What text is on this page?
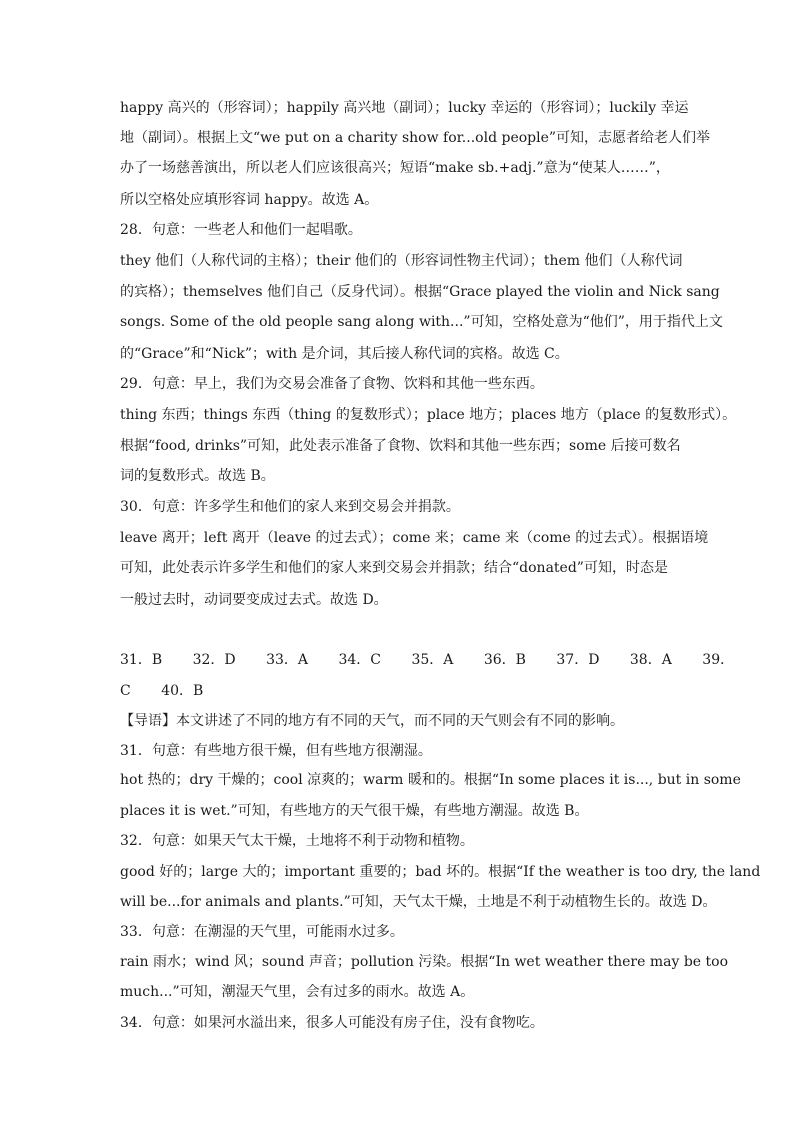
happy 高兴的（形容词）；happily 高兴地（副词）；lucky 幸运的（形容词）；luckily 幸运
地（副词）。根据上文“we put on a charity show for...old people”可知，志愿者给老人们举
办了一场慈善演出，所以老人们应该很高兴；短语“make sb.+adj.”意为“使某人……”，
所以空格处应填形容词 happy。故选 A。
28．句意：一些老人和他们一起唱歌。
they 他们（人称代词的主格）；their 他们的（形容词性物主代词）；them 他们（人称代词
的宾格）；themselves 他们自己（反身代词）。根据“Grace played the violin and Nick sang
songs. Some of the old people sang along with...”可知，空格处意为“他们”，用于指代上文
的“Grace”和“Nick”；with 是介词，其后接人称代词的宾格。故选 C。
29．句意：早上，我们为交易会准备了食物、饮料和其他一些东西。
thing 东西；things 东西（thing 的复数形式）；place 地方；places 地方（place 的复数形式）。
根据“food, drinks”可知，此处表示准备了食物、饮料和其他一些东西；some 后接可数名
词的复数形式。故选 B。
30．句意：许多学生和他们的家人来到交易会并捐款。
leave 离开；left 离开（leave 的过去式）；come 来；came 来（come 的过去式）。根据语境
可知，此处表示许多学生和他们的家人来到交易会并捐款；结合“donated”可知，时态是
一般过去时，动词要变成过去式。故选 D。
31．B 32．D 33．A 34．C 35．A 36．B 37．D 38．A 39．
C 40．B
【导语】本文讲述了不同的地方有不同的天气，而不同的天气则会有不同的影响。
31．句意：有些地方很干燥，但有些地方很潮湿。
hot 热的；dry 干燥的；cool 凉爽的；warm 暖和的。根据“In some places it is..., but in some
places it is wet.”可知，有些地方的天气很干燥，有些地方潮湿。故选 B。
32．句意：如果天气太干燥，土地将不利于动物和植物。
good 好的；large 大的；important 重要的；bad 坏的。根据“If the weather is too dry, the land
will be...for animals and plants.”可知，天气太干燥，土地是不利于动植物生长的。故选 D。
33．句意：在潮湿的天气里，可能雨水过多。
rain 雨水；wind 风；sound 声音；pollution 污染。根据“In wet weather there may be too
much...”可知，潮湿天气里，会有过多的雨水。故选 A。
34．句意：如果河水溢出来，很多人可能没有房子住，没有食物吃。
